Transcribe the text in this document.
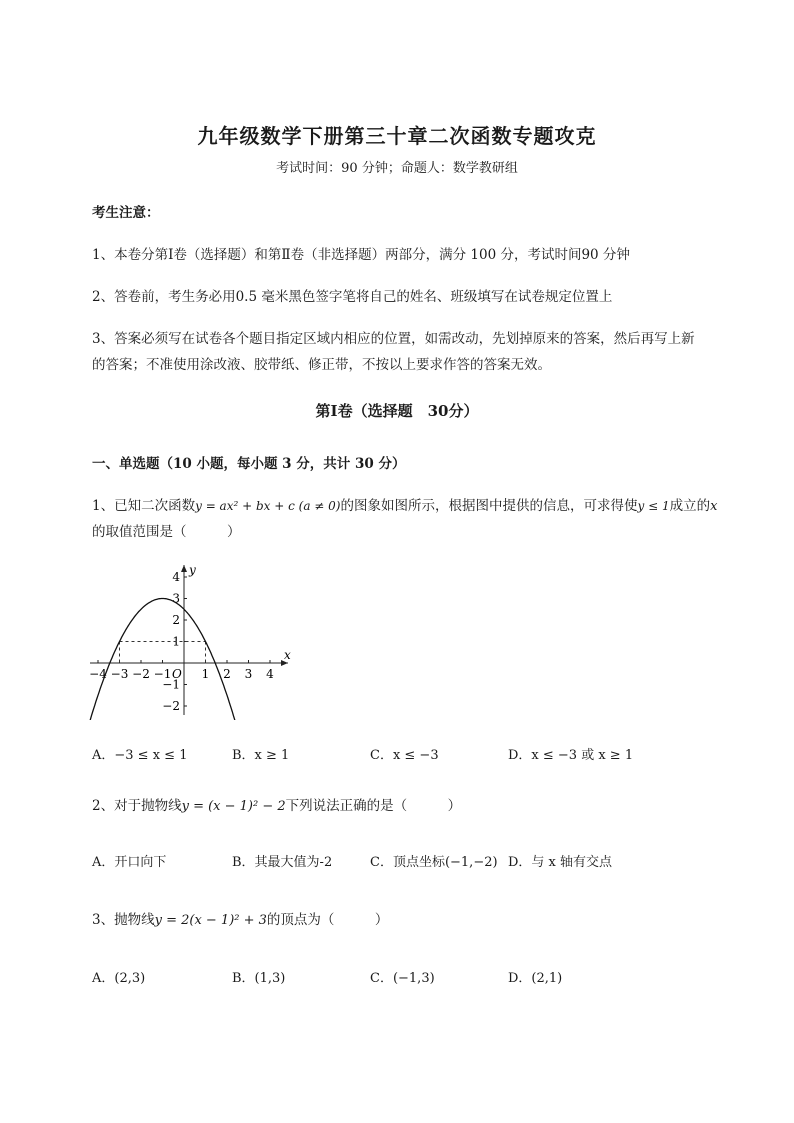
九年级数学下册第三十章二次函数专题攻克
考试时间：90 分钟；命题人：数学教研组
考生注意：
1、本卷分第Ⅰ卷（选择题）和第Ⅱ卷（非选择题）两部分，满分 100 分，考试时间90 分钟
2、答卷前，考生务必用0.5 毫米黑色签字笔将自己的姓名、班级填写在试卷规定位置上
3、答案必须写在试卷各个题目指定区域内相应的位置，如需改动，先划掉原来的答案，然后再写上新
的答案；不准使用涂改液、胶带纸、修正带，不按以上要求作答的答案无效。
第Ⅰ卷（选择题　30分）
一、单选题（10 小题，每小题 3 分，共计 30 分）
1、已知二次函数y = ax² + bx + c (a ≠ 0)的图象如图所示，根据图中提供的信息，可求得使y ≤ 1成立的x
的取值范围是（　　　）
x
y
O
−4 −3 −2 −1	1 2 3 4
4
3
2
1
−1
−2
A．−3 ≤ x ≤ 1	B．x ≥ 1	C．x ≤ −3	D．x ≤ −3 或 x ≥ 1
2、对于抛物线y = (x − 1)² − 2下列说法正确的是（　　　）
A．开口向下	B．其最大值为-2	C．顶点坐标(−1,−2) D．与 x 轴有交点
3、抛物线y = 2(x − 1)² + 3的顶点为（　　　）
A．(2,3)	B．(1,3)	C．(−1,3)	D．(2,1)
